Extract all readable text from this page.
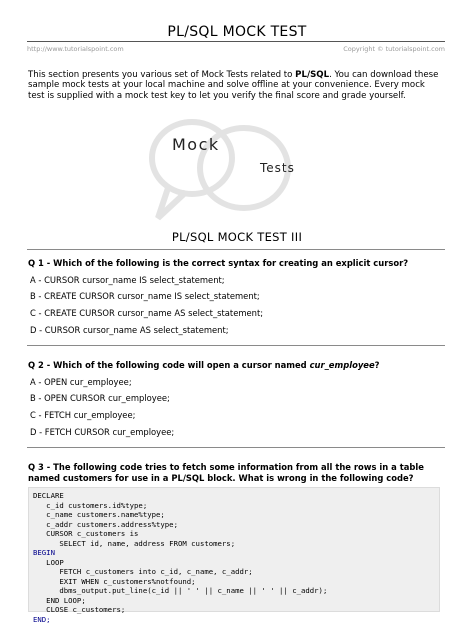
PL/SQL MOCK TEST
http://www.tutorialspoint.com	Copyright © tutorialspoint.com
This section presents you various set of Mock Tests related to PL/SQL. You can download these sample mock tests at your local machine and solve offline at your convenience. Every mock test is supplied with a mock test key to let you verify the final score and grade yourself.
Mock
Tests
PL/SQL MOCK TEST III
Q 1 - Which of the following is the correct syntax for creating an explicit cursor?
A - CURSOR cursor_name IS select_statement;
B - CREATE CURSOR cursor_name IS select_statement;
C - CREATE CURSOR cursor_name AS select_statement;
D - CURSOR cursor_name AS select_statement;
Q 2 - Which of the following code will open a cursor named cur_employee?
A - OPEN cur_employee;
B - OPEN CURSOR cur_employee;
C - FETCH cur_employee;
D - FETCH CURSOR cur_employee;
Q 3 - The following code tries to fetch some information from all the rows in a table named customers for use in a PL/SQL block. What is wrong in the following code?
DECLARE
c_id customers.id%type;
c_name customers.name%type;
c_addr customers.address%type;
CURSOR c_customers is
SELECT id, name, address FROM customers;
BEGIN
LOOP
FETCH c_customers into c_id, c_name, c_addr;
EXIT WHEN c_customers%notfound;
dbms_output.put_line(c_id || ' ' || c_name || ' ' || c_addr);
END LOOP;
CLOSE c_customers;
END;
